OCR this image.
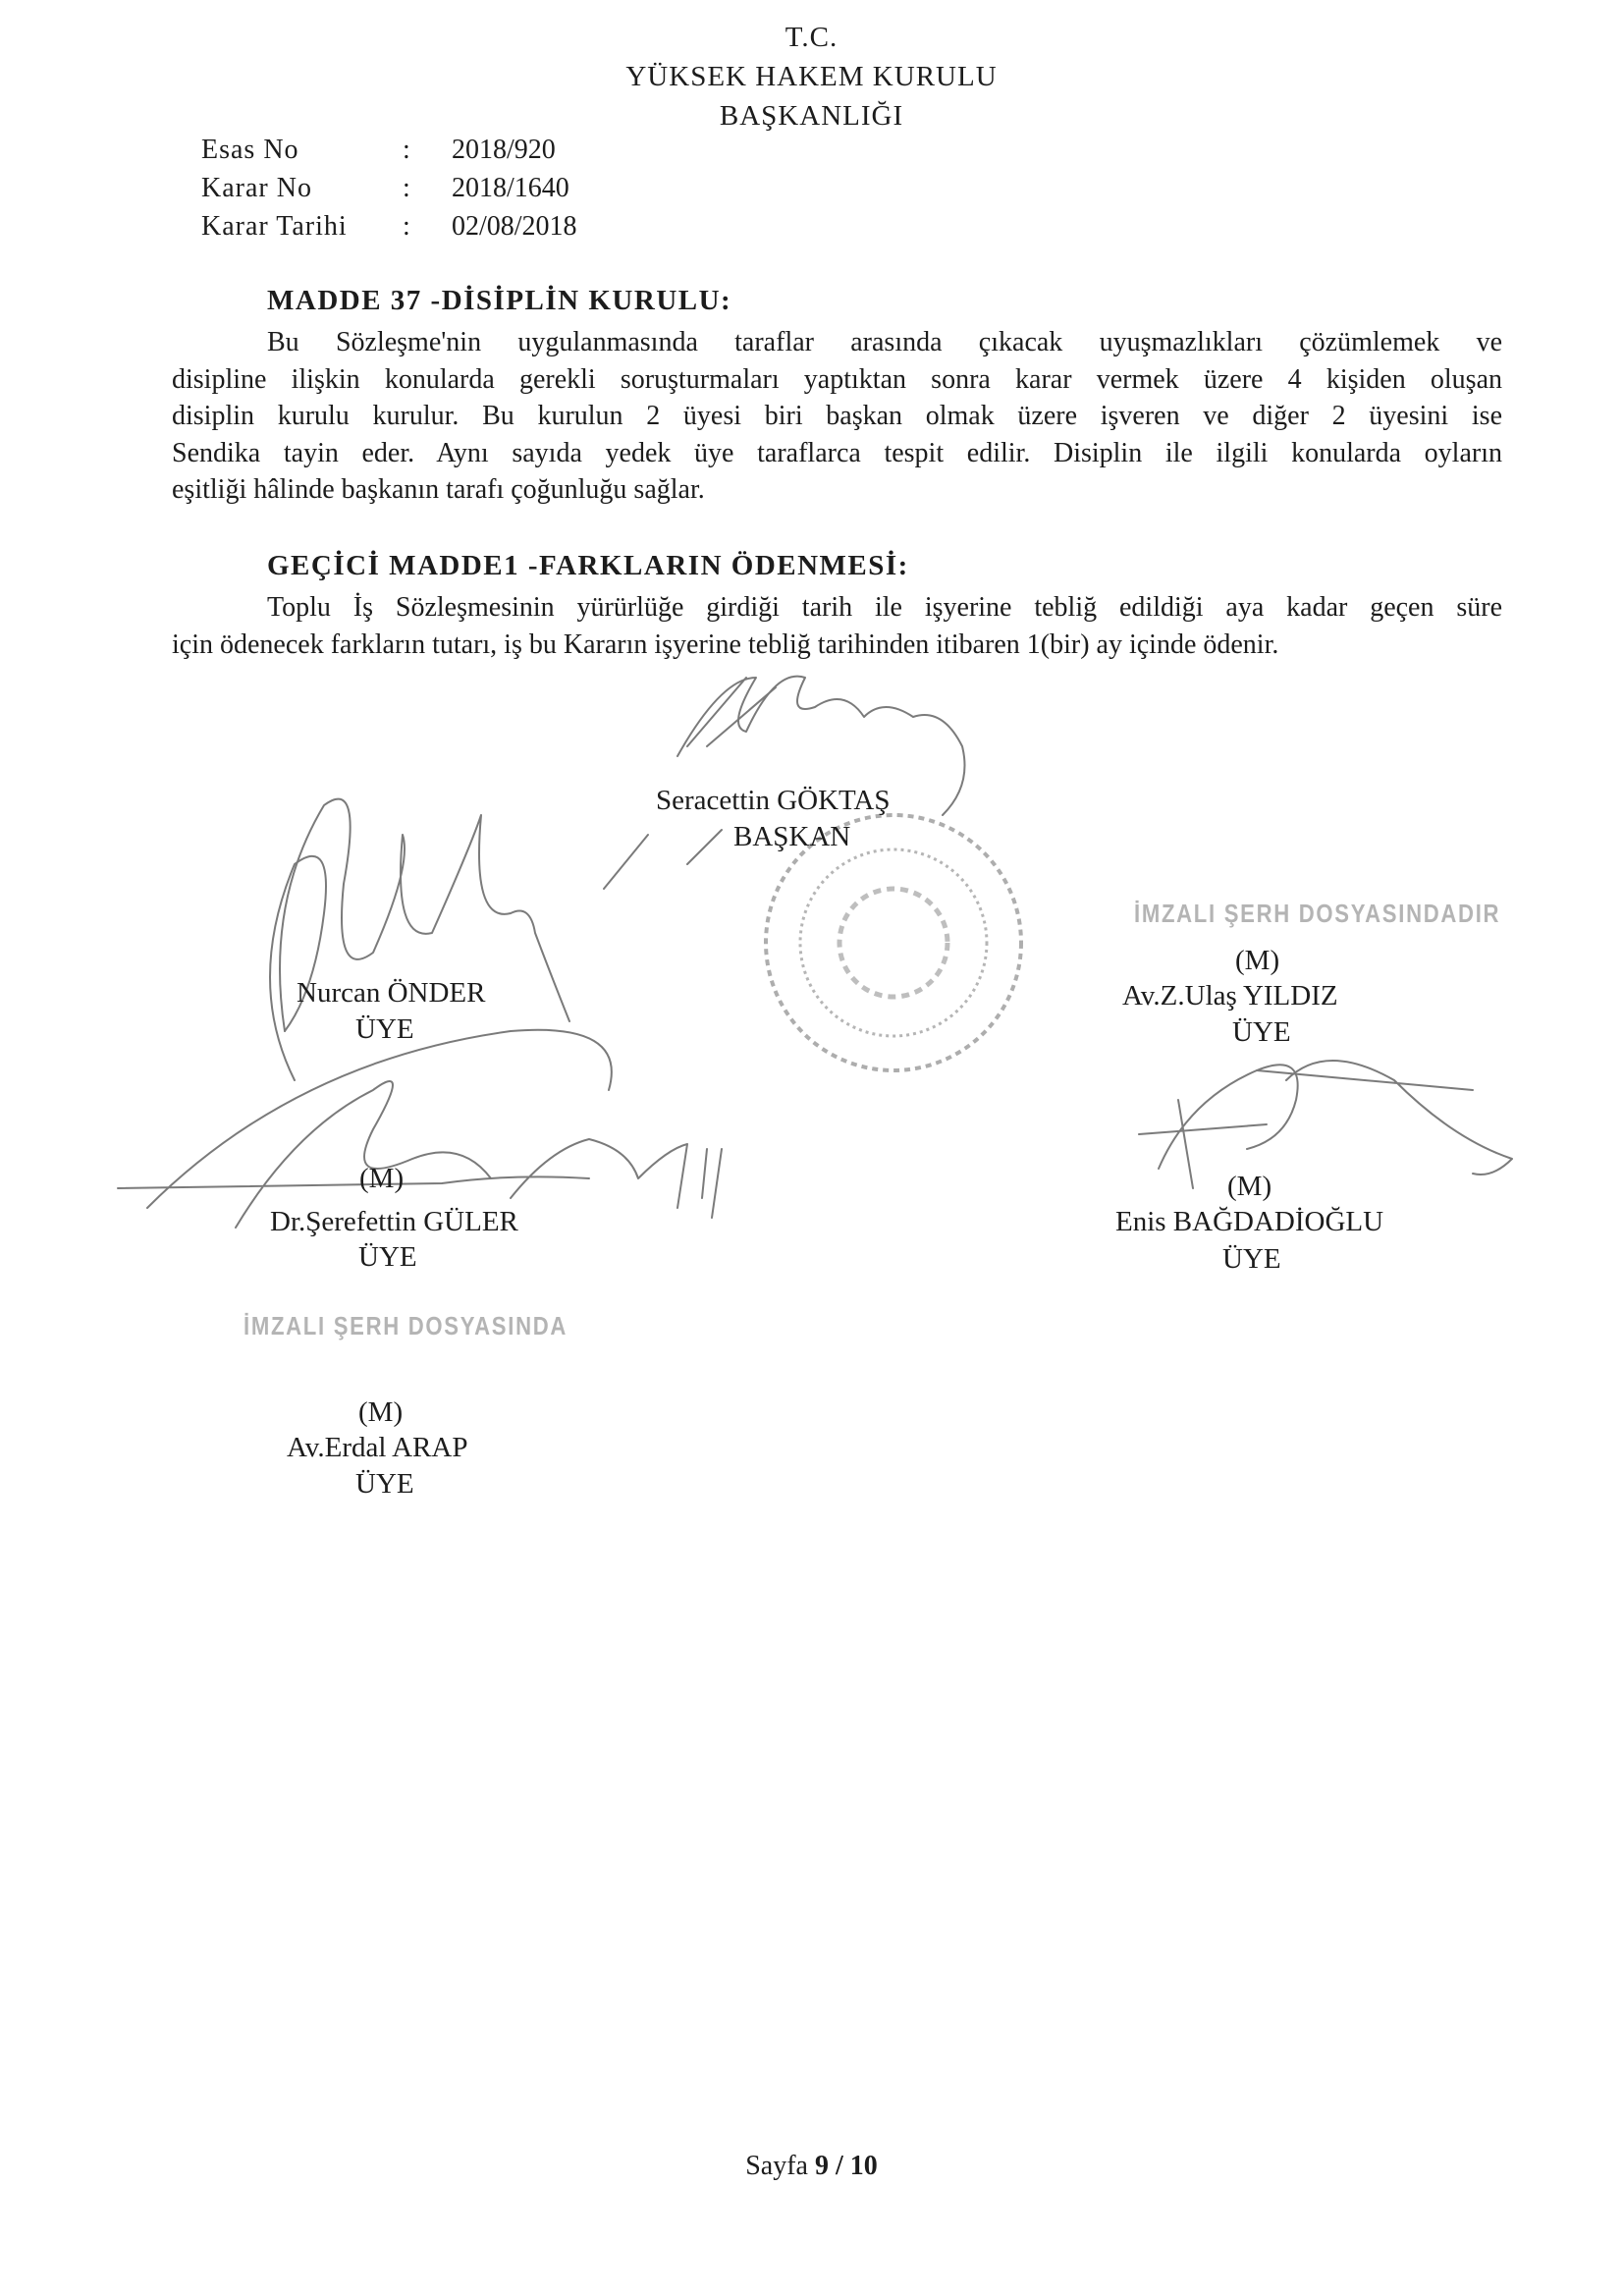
T.C.
YÜKSEK HAKEM KURULU
BAŞKANLIĞI
Esas No	: 2018/920
Karar No	: 2018/1640
Karar Tarihi	: 02/08/2018
MADDE 37 -DİSİPLİN KURULU:
Bu Sözleşme'nin uygulanmasında taraflar arasında çıkacak uyuşmazlıkları çözümlemek ve
disipline ilişkin konularda gerekli soruşturmaları yaptıktan sonra karar vermek üzere 4 kişiden oluşan
disiplin kurulu kurulur. Bu kurulun 2 üyesi biri başkan olmak üzere işveren ve diğer 2 üyesini ise
Sendika tayin eder. Aynı sayıda yedek üye taraflarca tespit edilir. Disiplin ile ilgili konularda oyların
eşitliği hâlinde başkanın tarafı çoğunluğu sağlar.
GEÇİCİ MADDE1 -FARKLARIN ÖDENMESİ:
Toplu İş Sözleşmesinin yürürlüğe girdiği tarih ile işyerine tebliğ edildiği aya kadar geçen süre
için ödenecek farkların tutarı, iş bu Kararın işyerine tebliğ tarihinden itibaren 1(bir) ay içinde ödenir.
Seracettin GÖKTAŞ
BAŞKAN
İMZALI ŞERH DOSYASINDADIR
(M)
Av.Z.Ulaş YILDIZ
ÜYE
Nurcan ÖNDER
ÜYE
(M)
Dr.Şerefettin GÜLER
ÜYE
(M)
Enis BAĞDADİOĞLU
ÜYE
İMZALI ŞERH DOSYASINDA
(M)
Av.Erdal ARAP
ÜYE
Sayfa 9 / 10
